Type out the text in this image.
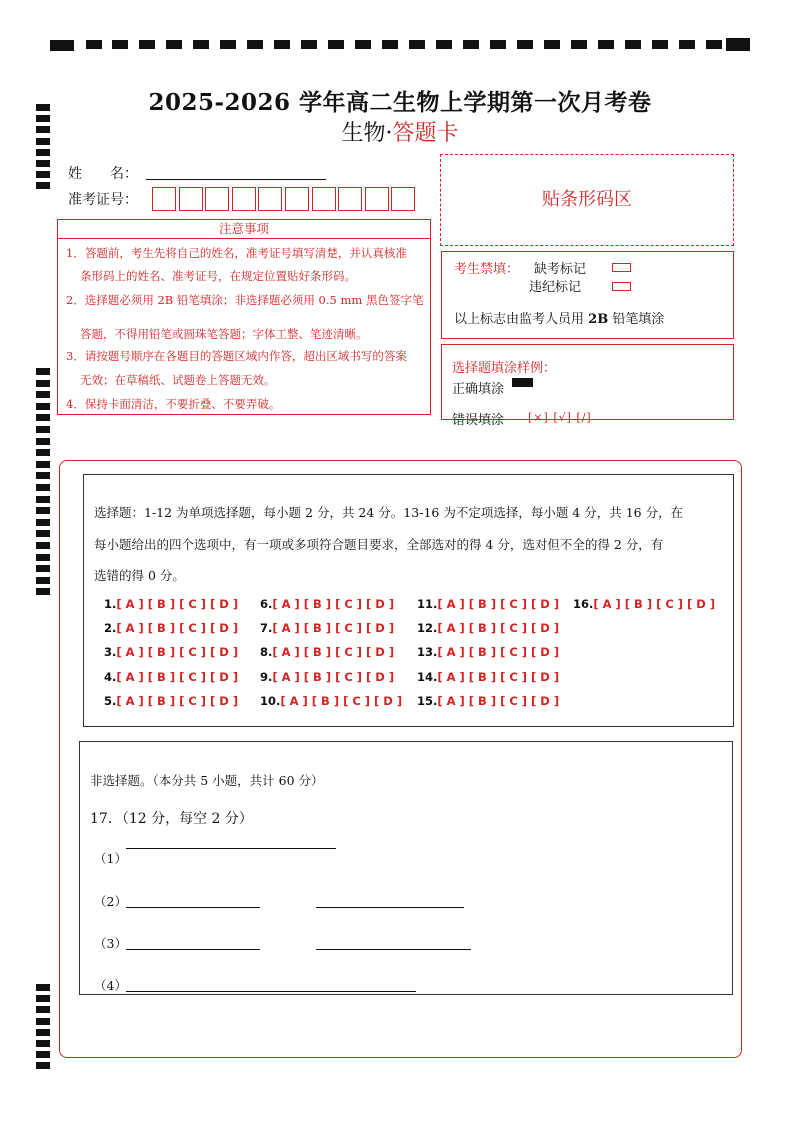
2025-2026 学年高二生物上学期第一次月考卷
生物·答题卡
姓　　名：
准考证号：	贴条形码区
注意事项
1．答题前，考生先将自己的姓名，准考证号填写清楚，并认真核准
条形码上的姓名、准考证号，在规定位置贴好条形码。
2．选择题必须用 2B 铅笔填涂；非选择题必须用 0.5 mm 黑色签字笔
答题，不得用铅笔或圆珠笔答题；字体工整、笔迹清晰。
3．请按题号顺序在各题目的答题区域内作答，超出区域书写的答案
无效；在草稿纸、试题卷上答题无效。
4．保持卡面清洁，不要折叠、不要弄破。
考生禁填： 缺考标记
违纪标记
以上标志由监考人员用 2B 铅笔填涂
选择题填涂样例：
正确填涂
错误填涂 [×] [√] [/]
选择题：1-12 为单项选择题，每小题 2 分，共 24 分。13-16 为不定项选择，每小题 4 分，共 16 分，在
每小题给出的四个选项中，有一项或多项符合题目要求，全部选对的得 4 分，选对但不全的得 2 分，有
选错的得 0 分。
1.[ A ] [ B ] [ C ] [ D ]
2.[ A ] [ B ] [ C ] [ D ]
3.[ A ] [ B ] [ C ] [ D ]
4.[ A ] [ B ] [ C ] [ D ]
5.[ A ] [ B ] [ C ] [ D ]
6.[ A ] [ B ] [ C ] [ D ]
7.[ A ] [ B ] [ C ] [ D ]
8.[ A ] [ B ] [ C ] [ D ]
9.[ A ] [ B ] [ C ] [ D ]
10.[ A ] [ B ] [ C ] [ D ]
11.[ A ] [ B ] [ C ] [ D ]
12.[ A ] [ B ] [ C ] [ D ]
13.[ A ] [ B ] [ C ] [ D ]
14.[ A ] [ B ] [ C ] [ D ]
15.[ A ] [ B ] [ C ] [ D ]
16.[ A ] [ B ] [ C ] [ D ]
非选择题。（本分共 5 小题，共计 60 分）
17．（12 分，每空 2 分）
（1）
（2）
（3）
（4）
